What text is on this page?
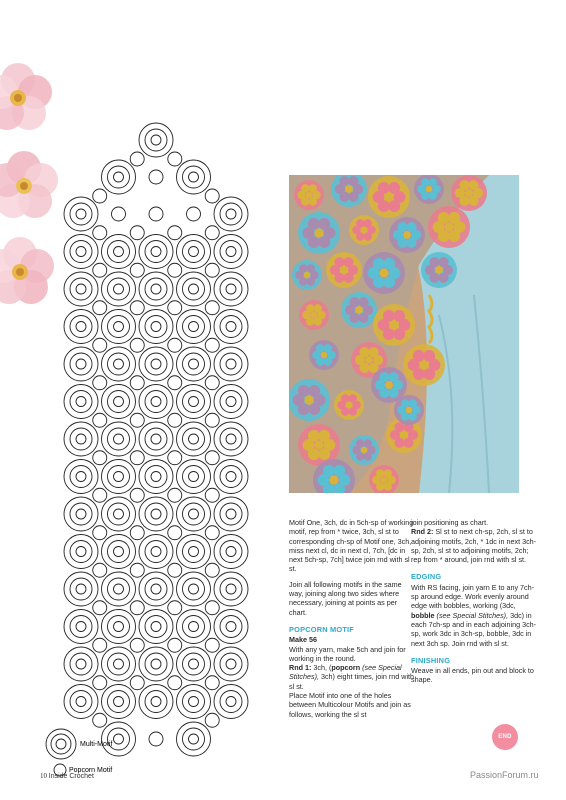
Multi-Motif
Popcorn Motif

Motif One, 3ch, dc in 5ch-sp of working motif, rep from * twice, 3ch, sl st to corresponding ch-sp of Motif one, 3ch, miss next cl, dc in next cl, 7ch, [dc in next 5ch-sp, 7ch] twice join rnd with sl st.

Join all following motifs in the same way, joining along two sides where necessary, joining at points as per chart.

POPCORN MOTIF
Make 56
With any yarn, make 5ch and join for working in the round.
Rnd 1: 3ch, (popcorn (see Special Stitches), 3ch) eight times, join rnd with sl st.
Place Motif into one of the holes between Multicolour Motifs and join as follows, working the sl st
join positioning as chart.
Rnd 2: Sl st to next ch-sp, 2ch, sl st to adjoining motifs, 2ch, * 1dc in next 3ch-sp, 2ch, sl st to adjoining motifs, 2ch; rep from * around, join rnd with sl st.
EDGING
With RS facing, join yarn E to any 7ch-sp around edge. Work evenly around edge with bobbles, working (3dc, bobble (see Special Stitches), 3dc) in each 7ch-sp and in each adjoining 3ch-sp, work 3dc in 3ch-sp, bobble, 3dc in next 3ch sp. Join rnd with sl st.
FINISHING
Weave in all ends, pin out and block to shape.
END
10 Inside Crochet	PassionForum.ru
